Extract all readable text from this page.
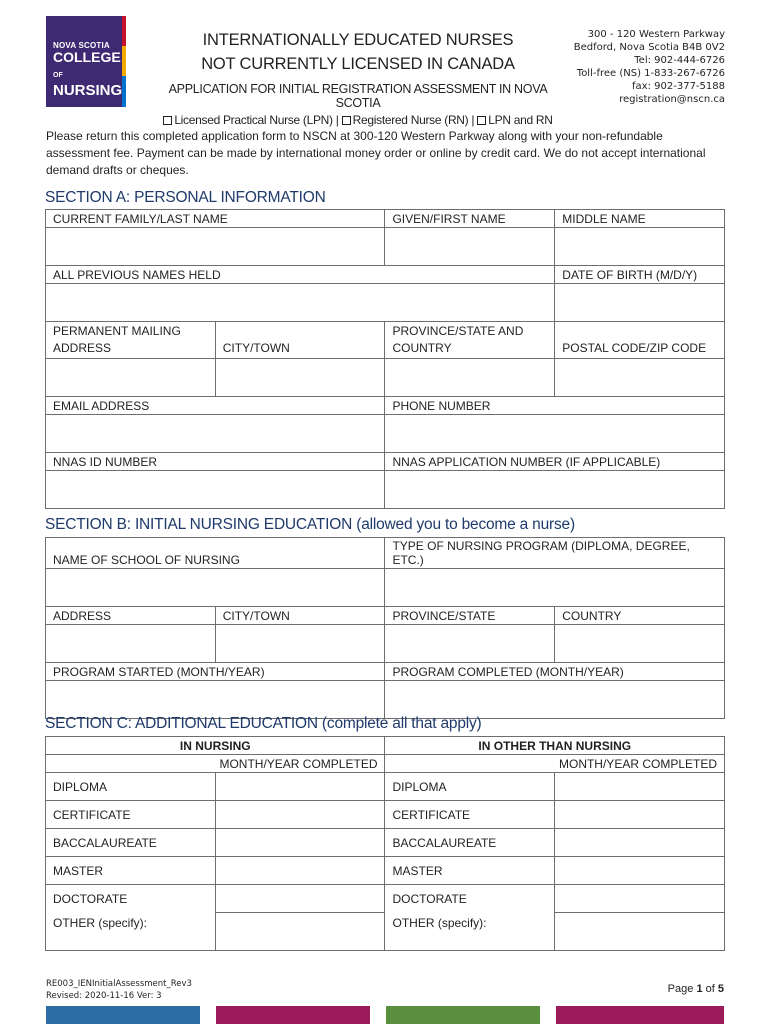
NOVA SCOTIA
COLLEGE OF
NURSING
INTERNATIONALLY EDUCATED NURSES
NOT CURRENTLY LICENSED IN CANADA
APPLICATION FOR INITIAL REGISTRATION ASSESSMENT IN NOVA SCOTIA
Licensed Practical Nurse (LPN) | Registered Nurse (RN) | LPN and RN
300 - 120 Western Parkway
Bedford, Nova Scotia B4B 0V2
Tel: 902-444-6726
Toll-free (NS) 1-833-267-6726
fax: 902-377-5188
registration@nscn.ca
Please return this completed application form to NSCN at 300-120 Western Parkway along with your non-refundable assessment fee. Payment can be made by international money order or online by credit card. We do not accept international demand drafts or cheques.
SECTION A: PERSONAL INFORMATION
CURRENT FAMILY/LAST NAME		GIVEN/FIRST NAME	MIDDLE NAME

ALL PREVIOUS NAMES HELD			DATE OF BIRTH (M/D/Y)

PERMANENT MAILING ADDRESS	CITY/TOWN	PROVINCE/STATE AND COUNTRY	POSTAL CODE/ZIP CODE

EMAIL ADDRESS		PHONE NUMBER	

NNAS ID NUMBER		NNAS APPLICATION NUMBER (IF APPLICABLE)	

SECTION B: INITIAL NURSING EDUCATION (allowed you to become a nurse)
NAME OF SCHOOL OF NURSING		TYPE OF NURSING PROGRAM (DIPLOMA, DEGREE, ETC.)	

ADDRESS	CITY/TOWN	PROVINCE/STATE	COUNTRY

PROGRAM STARTED (MONTH/YEAR)		PROGRAM COMPLETED (MONTH/YEAR)	

SECTION C: ADDITIONAL EDUCATION (complete all that apply)
IN NURSING		IN OTHER THAN NURSING	
MONTH/YEAR COMPLETED		MONTH/YEAR COMPLETED	
DIPLOMA		DIPLOMA	
CERTIFICATE		CERTIFICATE	
BACCALAUREATE		BACCALAUREATE	
MASTER		MASTER	
DOCTORATE		DOCTORATE	
OTHER (specify):		OTHER (specify):	
RE003_IENInitialAssessment_Rev3
Revised: 2020-11-16 Ver: 3
Page 1 of 5
